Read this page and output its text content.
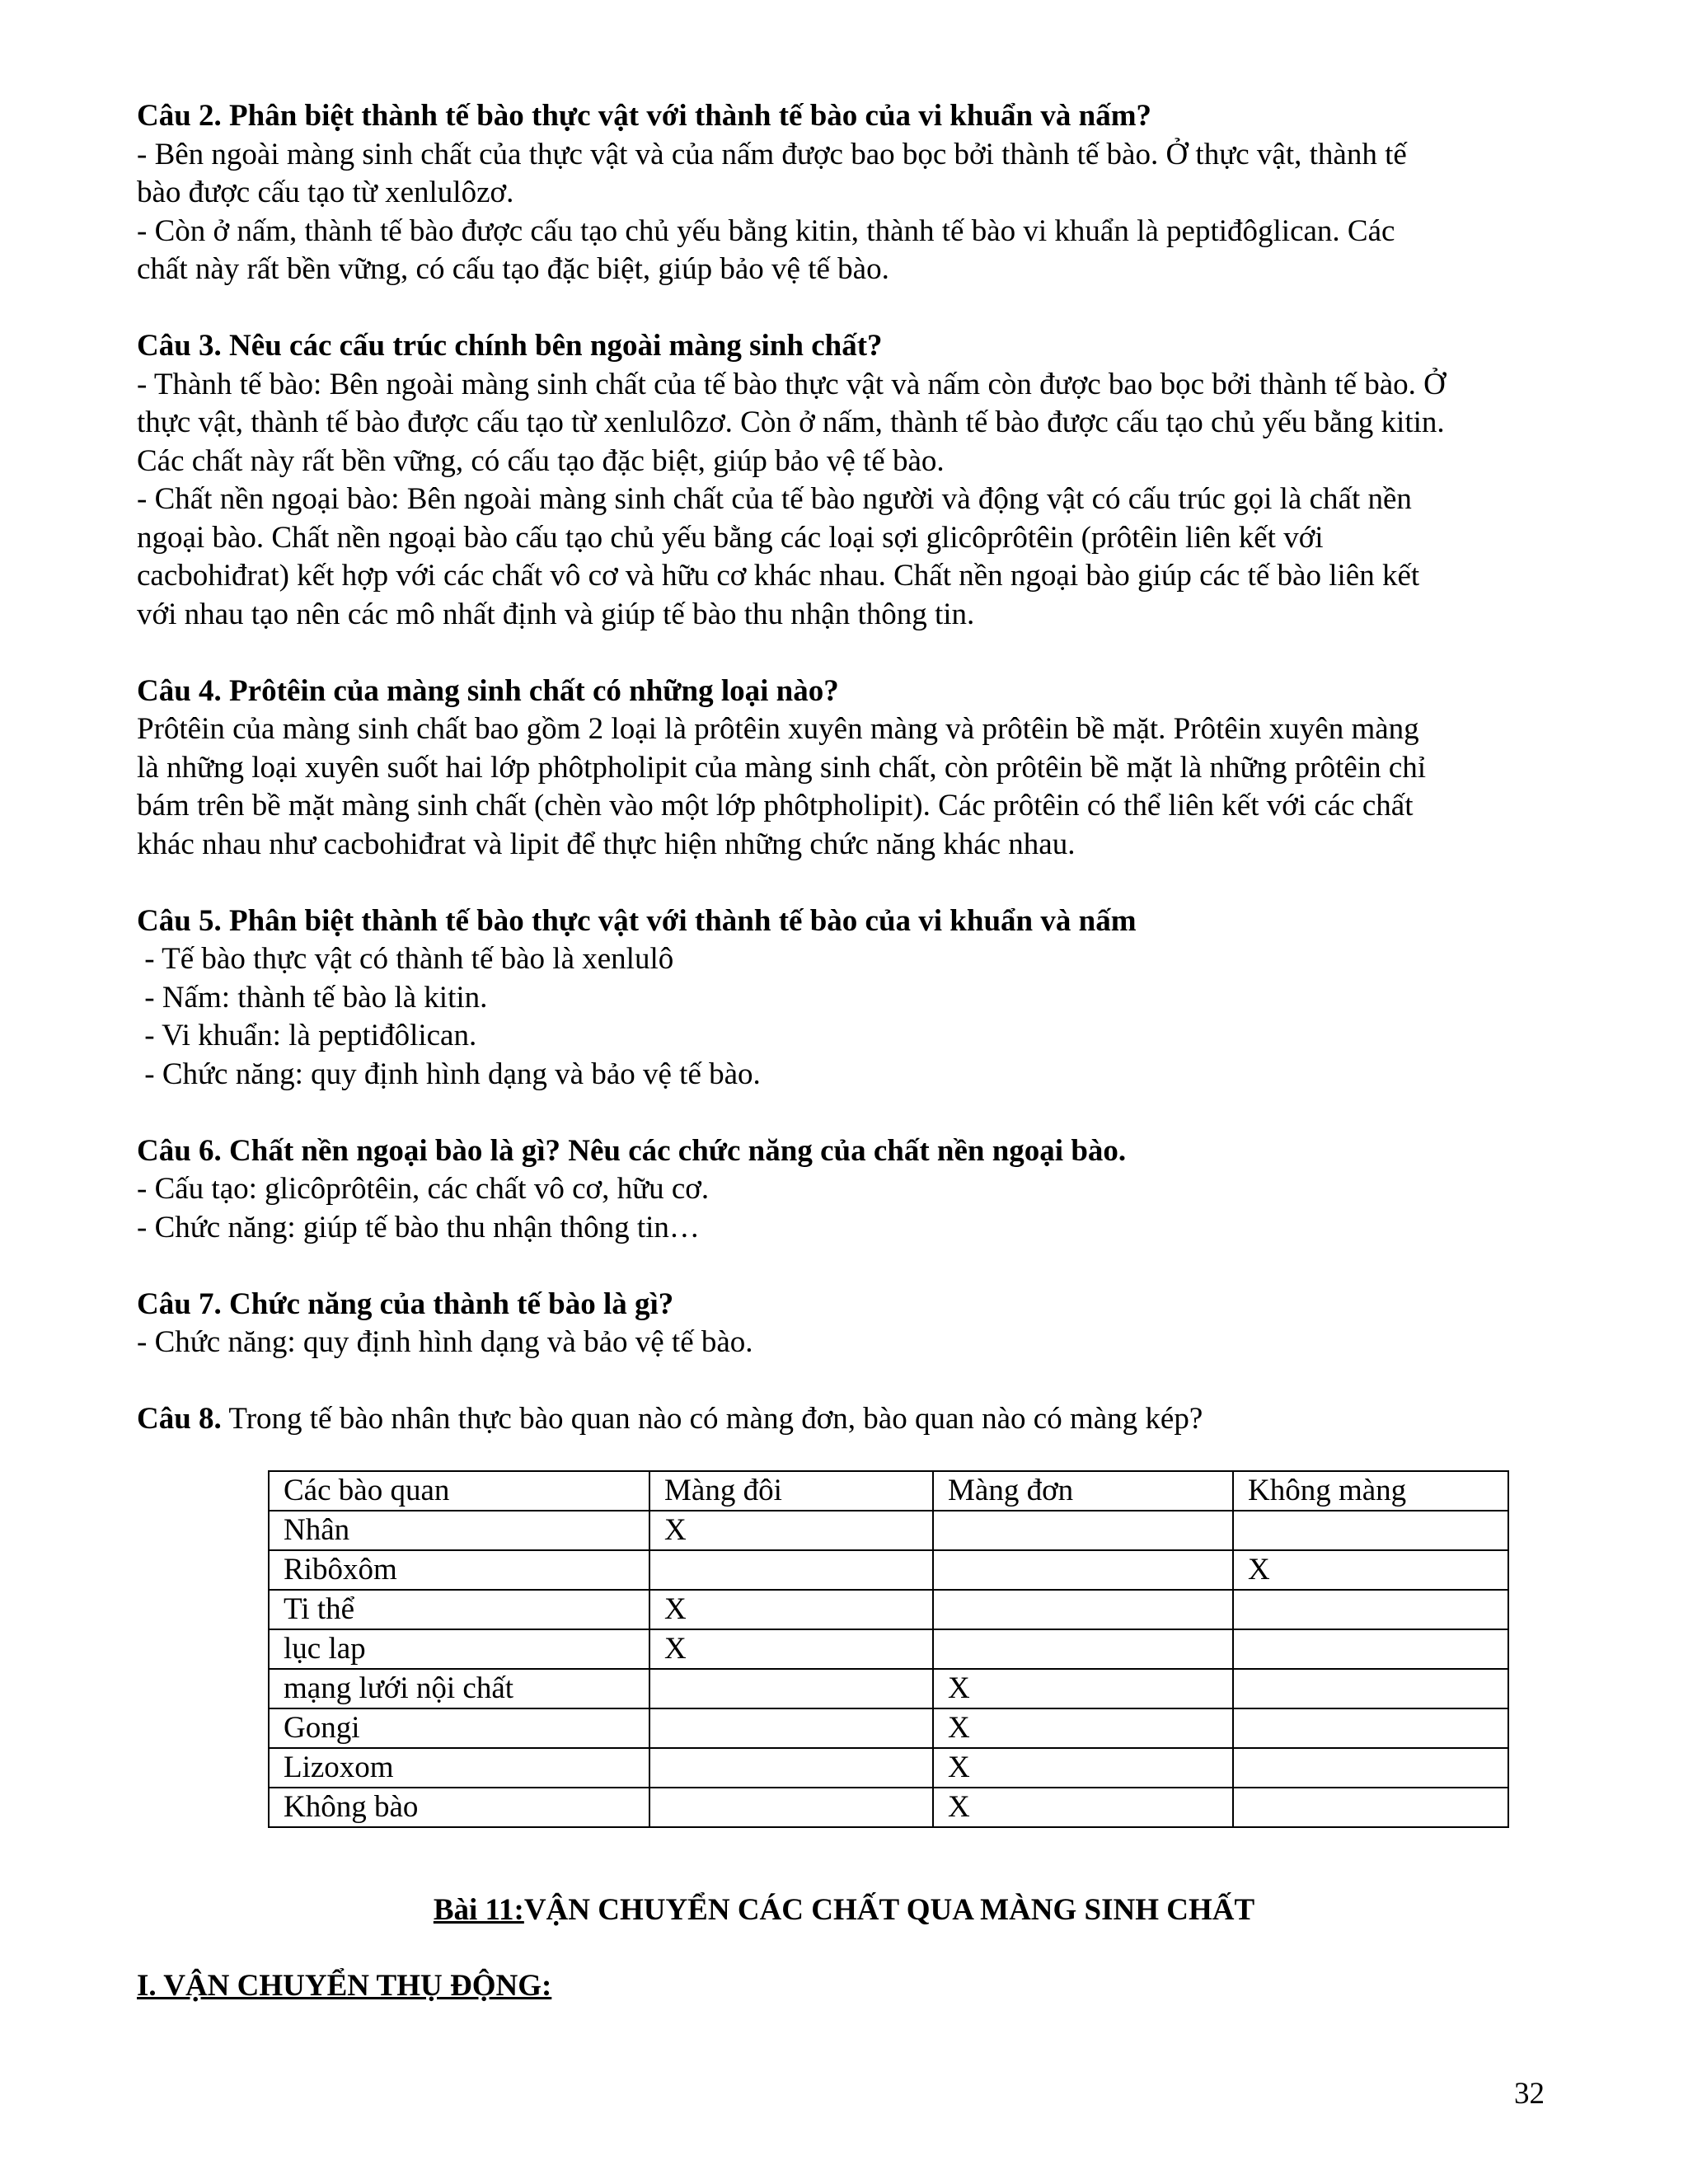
Câu 2. Phân biệt thành tế bào thực vật với thành tế bào của vi khuẩn và nấm?

- Bên ngoài màng sinh chất của thực vật và của nấm được bao bọc bởi thành tế bào. Ở thực vật, thành tế

bào được cấu tạo từ xenlulôzơ.

- Còn ở nấm, thành tế bào được cấu tạo chủ yếu bằng kitin, thành tế bào vi khuẩn là peptiđôglican. Các

chất này rất bền vững, có cấu tạo đặc biệt, giúp bảo vệ tế bào.

Câu 3. Nêu các cấu trúc chính bên ngoài màng sinh chất?

- Thành tế bào: Bên ngoài màng sinh chất của tế bào thực vật và nấm còn được bao bọc bởi thành tế bào. Ở

thực vật, thành tế bào được cấu tạo từ xenlulôzơ. Còn ở nấm, thành tế bào được cấu tạo chủ yếu bằng kitin.

Các chất này rất bền vững, có cấu tạo đặc biệt, giúp bảo vệ tế bào.

- Chất nền ngoại bào: Bên ngoài màng sinh chất của tế bào người và động vật có cấu trúc gọi là chất nền

ngoại bào. Chất nền ngoại bào cấu tạo chủ yếu bằng các loại sợi glicôprôtêin (prôtêin liên kết với

cacbohiđrat) kết hợp với các chất vô cơ và hữu cơ khác nhau. Chất nền ngoại bào giúp các tế bào liên kết

với nhau tạo nên các mô nhất định và giúp tế bào thu nhận thông tin.

Câu 4. Prôtêin của màng sinh chất có những loại nào?

Prôtêin của màng sinh chất bao gồm 2 loại là prôtêin xuyên màng và prôtêin bề mặt. Prôtêin xuyên màng

là những loại xuyên suốt hai lớp phôtpholipit của màng sinh chất, còn prôtêin bề mặt là những prôtêin chỉ

bám trên bề mặt màng sinh chất (chèn vào một lớp phôtpholipit). Các prôtêin có thể liên kết với các chất

khác nhau như cacbohiđrat và lipit để thực hiện những chức năng khác nhau.

Câu 5. Phân biệt thành tế bào thực vật với thành tế bào của vi khuẩn và nấm

- Tế bào thực vật có thành tế bào là xenlulô

- Nấm: thành tế bào là kitin.

- Vi khuẩn: là peptiđôlican.

- Chức năng: quy định hình dạng và bảo vệ tế bào.

Câu 6. Chất nền ngoại bào là gì? Nêu các chức năng của chất nền ngoại bào.

- Cấu tạo: glicôprôtêin, các chất vô cơ, hữu cơ.

- Chức năng: giúp tế bào thu nhận thông tin…

Câu 7. Chức năng của thành tế bào là gì?

- Chức năng: quy định hình dạng và bảo vệ tế bào.

Câu 8. Trong tế bào nhân thực bào quan nào có màng đơn, bào quan nào có màng kép?

Các bào quan	Màng đôi	Màng đơn	Không màng
Nhân	X		
Ribôxôm			X
Ti thể	X		
lục lap	X		
mạng lưới nội chất		X	
Gongi		X	
Lizoxom		X	
Không bào		X	
Bài 11:VẬN CHUYỂN CÁC CHẤT QUA MÀNG SINH CHẤT
I. VẬN CHUYỂN THỤ ĐỘNG:
32
